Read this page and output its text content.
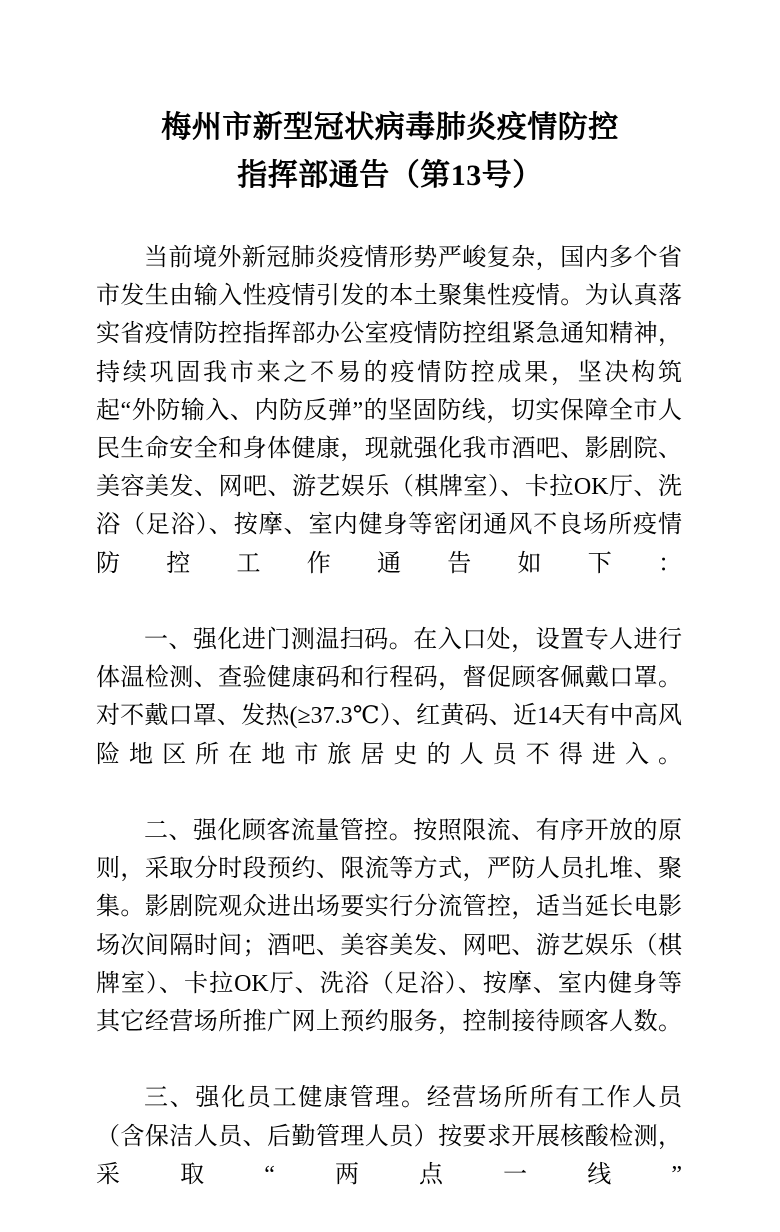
梅州市新型冠状病毒肺炎疫情防控
指挥部通告（第13号）

当前境外新冠肺炎疫情形势严峻复杂，国内多个省市发生由输入性疫情引发的本土聚集性疫情。为认真落实省疫情防控指挥部办公室疫情防控组紧急通知精神，持续巩固我市来之不易的疫情防控成果，坚决构筑起“外防输入、内防反弹”的坚固防线，切实保障全市人民生命安全和身体健康，现就强化我市酒吧、影剧院、美容美发、网吧、游艺娱乐（棋牌室）、卡拉OK厅、洗浴（足浴）、按摩、室内健身等密闭通风不良场所疫情防控工作通告如下：

一、强化进门测温扫码。在入口处，设置专人进行体温检测、查验健康码和行程码，督促顾客佩戴口罩。对不戴口罩、发热(≥37.3℃）、红黄码、近14天有中高风险地区所在地市旅居史的人员不得进入。

二、强化顾客流量管控。按照限流、有序开放的原则，采取分时段预约、限流等方式，严防人员扎堆、聚集。影剧院观众进出场要实行分流管控，适当延长电影场次间隔时间；酒吧、美容美发、网吧、游艺娱乐（棋牌室）、卡拉OK厅、洗浴（足浴）、按摩、室内健身等其它经营场所推广网上预约服务，控制接待顾客人数。

三、强化员工健康管理。经营场所所有工作人员（含保洁人员、后勤管理人员）按要求开展核酸检测，采取“两点一线”
